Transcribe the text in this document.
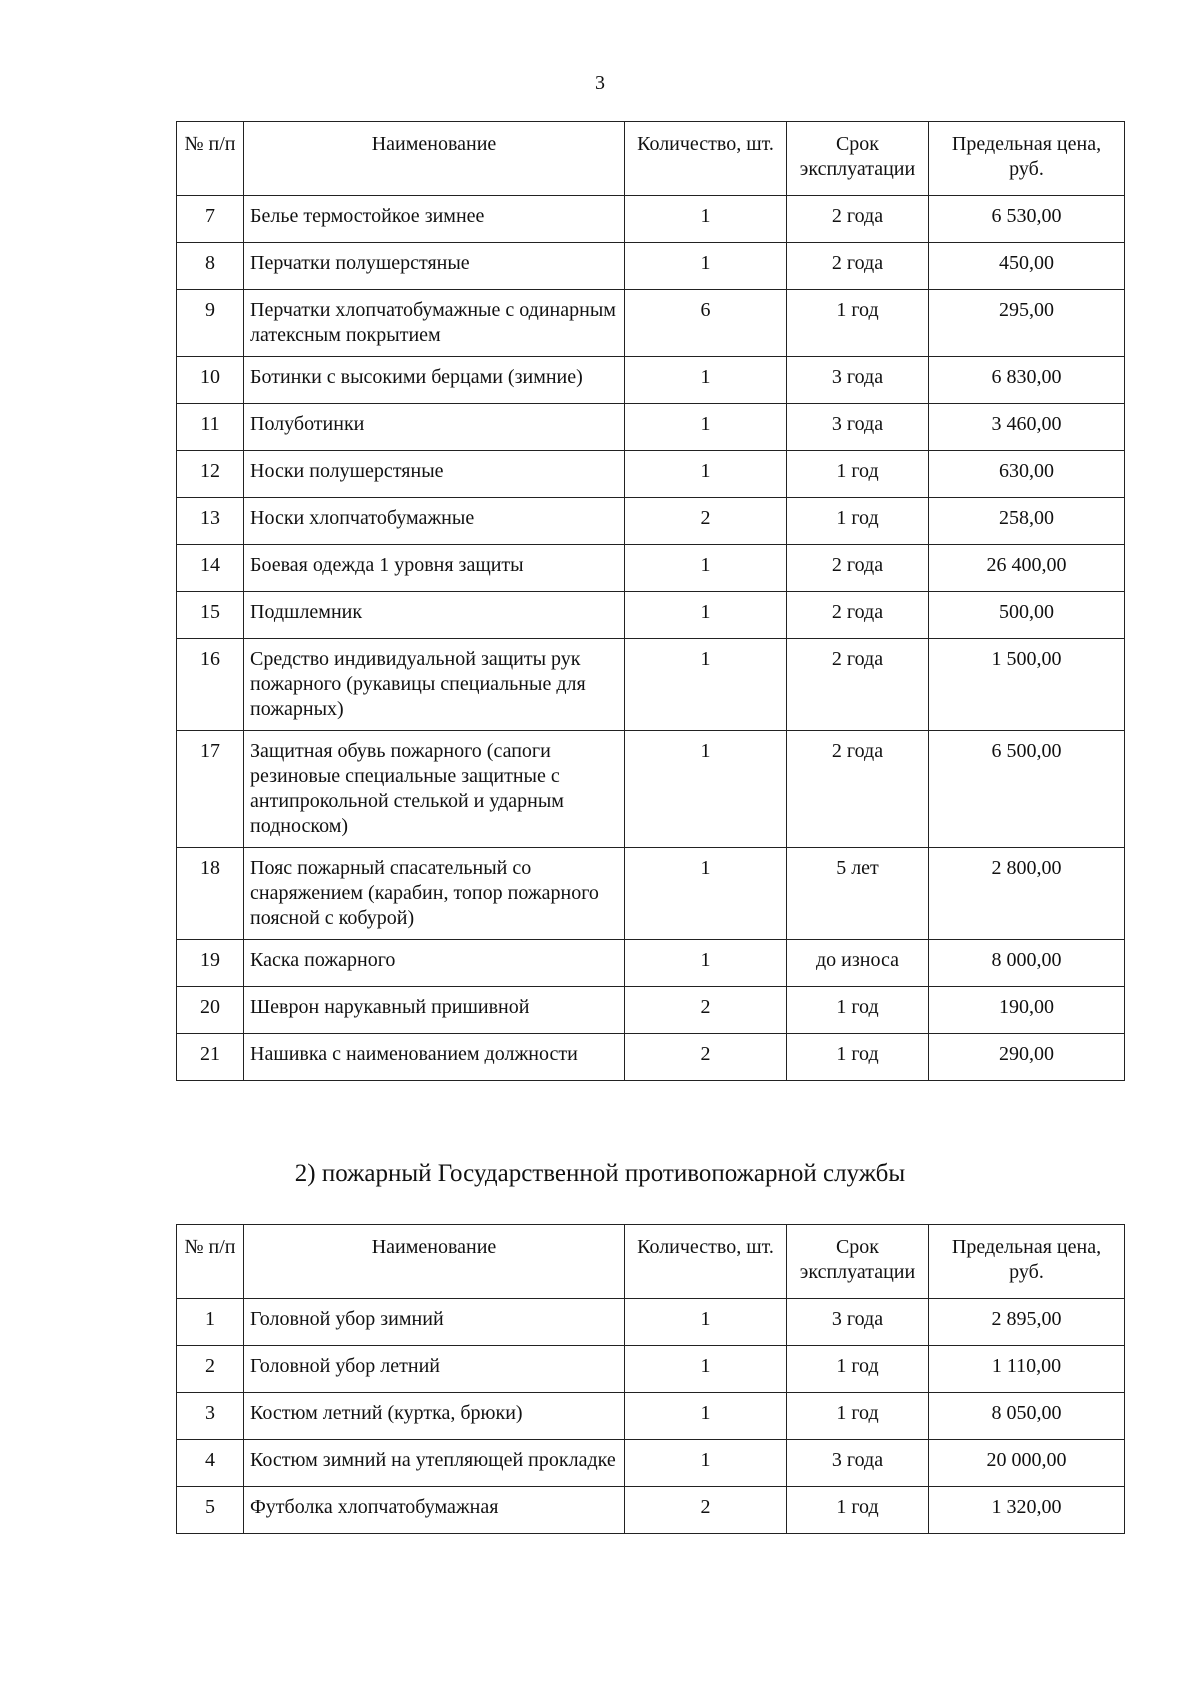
3
№ п/п	Наименование	Количество, шт.	Срок эксплуатации	Предельная цена, руб.
7	Белье термостойкое зимнее	1	2 года	6 530,00
8	Перчатки полушерстяные	1	2 года	450,00
9	Перчатки хлопчатобумажные с одинарным латексным покрытием	6	1 год	295,00
10	Ботинки с высокими берцами (зимние)	1	3 года	6 830,00
11	Полуботинки	1	3 года	3 460,00
12	Носки полушерстяные	1	1 год	630,00
13	Носки хлопчатобумажные	2	1 год	258,00
14	Боевая одежда 1 уровня защиты	1	2 года	26 400,00
15	Подшлемник	1	2 года	500,00
16	Средство индивидуальной защиты рук пожарного (рукавицы специальные для пожарных)	1	2 года	1 500,00
17	Защитная обувь пожарного (сапоги резиновые специальные защитные с антипрокольной стелькой и ударным подноском)	1	2 года	6 500,00
18	Пояс пожарный спасательный со снаряжением (карабин, топор пожарного поясной с кобурой)	1	5 лет	2 800,00
19	Каска пожарного	1	до износа	8 000,00
20	Шеврон нарукавный пришивной	2	1 год	190,00
21	Нашивка с наименованием должности	2	1 год	290,00
2) пожарный Государственной противопожарной службы
№ п/п	Наименование	Количество, шт.	Срок эксплуатации	Предельная цена, руб.
1	Головной убор зимний	1	3 года	2 895,00
2	Головной убор летний	1	1 год	1 110,00
3	Костюм летний (куртка, брюки)	1	1 год	8 050,00
4	Костюм зимний на утепляющей прокладке	1	3 года	20 000,00
5	Футболка хлопчатобумажная	2	1 год	1 320,00
